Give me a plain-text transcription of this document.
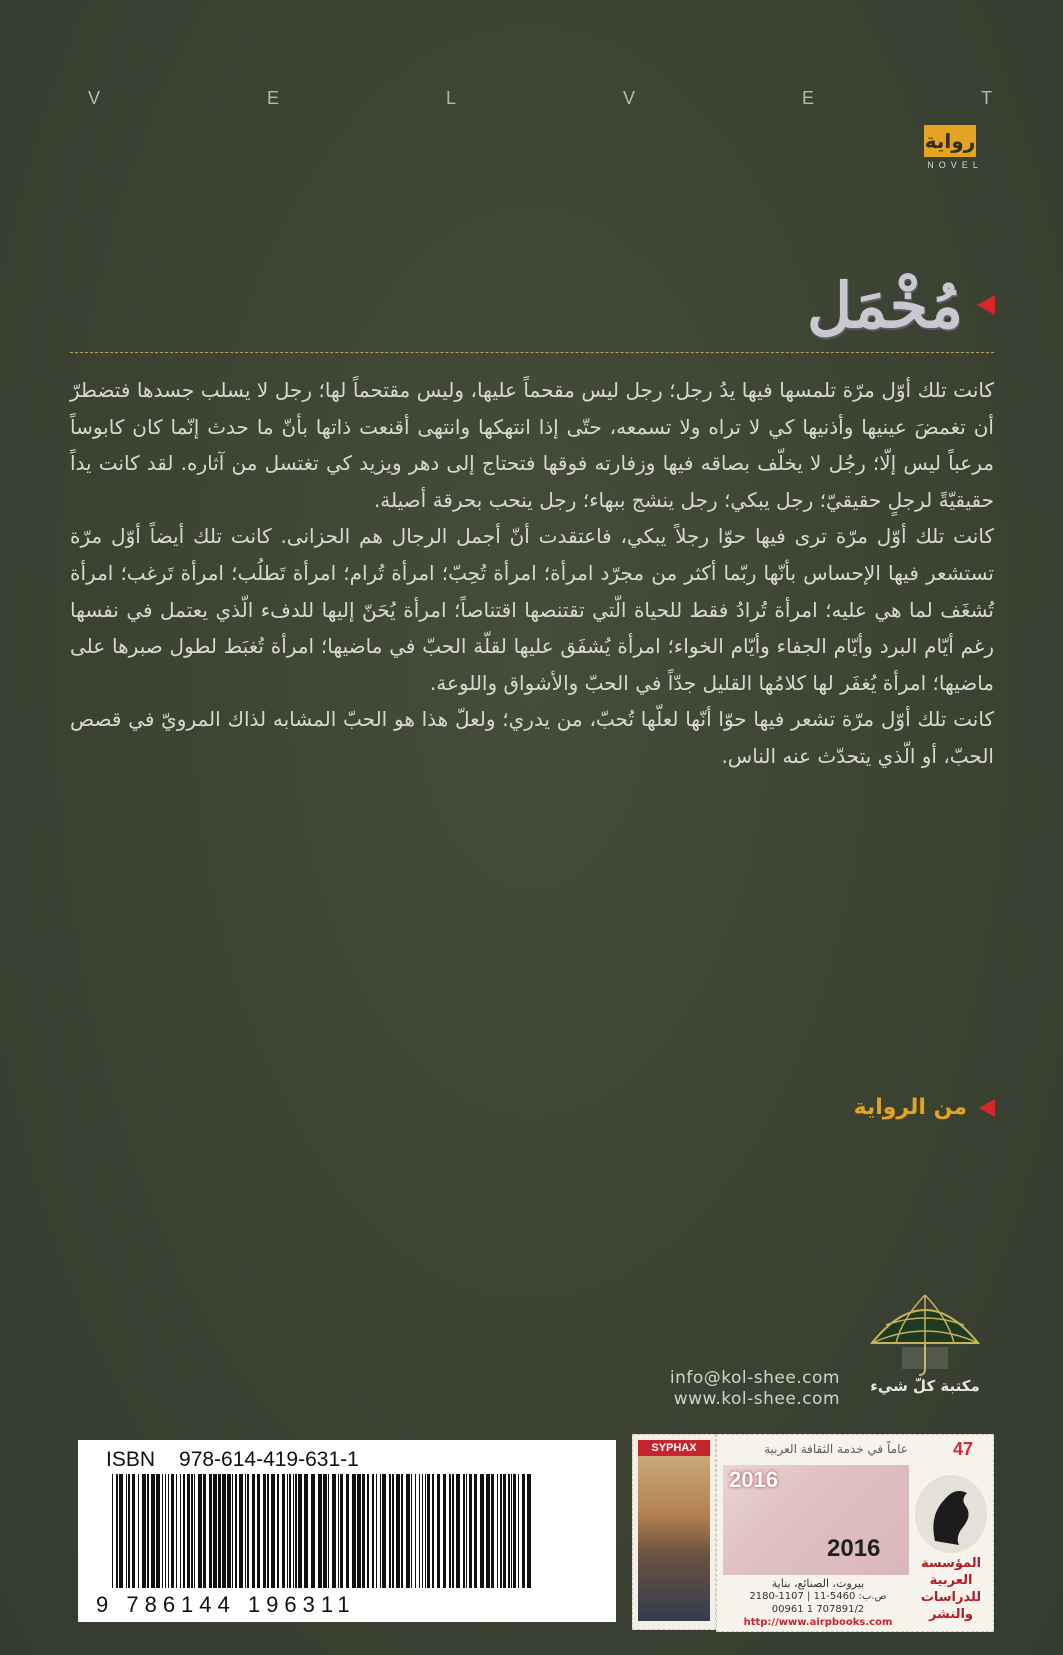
V	E	L	V	E	T
رواية
NOVEL
مُخْمَل

كانت تلك أوّل مرّة تلمسها فيها يدُ رجل؛ رجل ليس مقحماً عليها، وليس مقتحماً لها؛ رجل لا يسلب جسدها فتضطرّ أن تغمضَ عينيها وأذنيها كي لا تراه ولا تسمعه، حتّى إذا انتهكها وانتهى أقنعت ذاتها بأنّ ما حدث إنّما كان كابوساً مرعباً ليس إلّا؛ رجُل لا يخلّف بصاقه فيها وزفارته فوقها فتحتاج إلى دهر ويزيد كي تغتسل من آثاره. لقد كانت يداً حقيقيّةً لرجلٍ حقيقيّ؛ رجل يبكي؛ رجل ينشج ببهاء؛ رجل ينحب بحرقة أصيلة.

كانت تلك أوّل مرّة ترى فيها حوّا رجلاً يبكي، فاعتقدت أنّ أجمل الرجال هم الحزانى. كانت تلك أيضاً أوّل مرّة تستشعر فيها الإحساس بأنّها ربّما أكثر من مجرّد امرأة؛ امرأة تُحِبّ؛ امرأة تُرام؛ امرأة تَطلُب؛ امرأة تَرغب؛ امرأة تُشغَف لما هي عليه؛ امرأة تُرادُ فقط للحياة الّتي تقتنصها اقتناصاً؛ امرأة يُحَنّ إليها للدفء الّذي يعتمل في نفسها رغم أيّام البرد وأيّام الجفاء وأيّام الخواء؛ امرأة يُشفَق عليها لقلّة الحبّ في ماضيها؛ امرأة تُغبَط لطول صبرها على ماضيها؛ امرأة يُغفَر لها كلامُها القليل جدّاً في الحبّ والأشواق واللوعة.

كانت تلك أوّل مرّة تشعر فيها حوّا أنّها لعلّها تُحبّ، من يدري؛ ولعلّ هذا هو الحبّ المشابه لذاك المرويّ في قصص الحبّ، أو الّذي يتحدّث عنه الناس.

من الرواية
مكتبة كلّ شيء
info@kol-shee.com
www.kol-shee.com
ISBN 978-614-419-631-1
9 786144 196311
SYPHAX	عاماً في خدمة الثقافة العربية	47
2016
2016
المؤسسة
العربية
للدراسات
والنشر
بيروت، الصنائع، بناية
2180-1107 | 11-5460 :ص.ب
00961 1 707891/2
http://www.airpbooks.com
